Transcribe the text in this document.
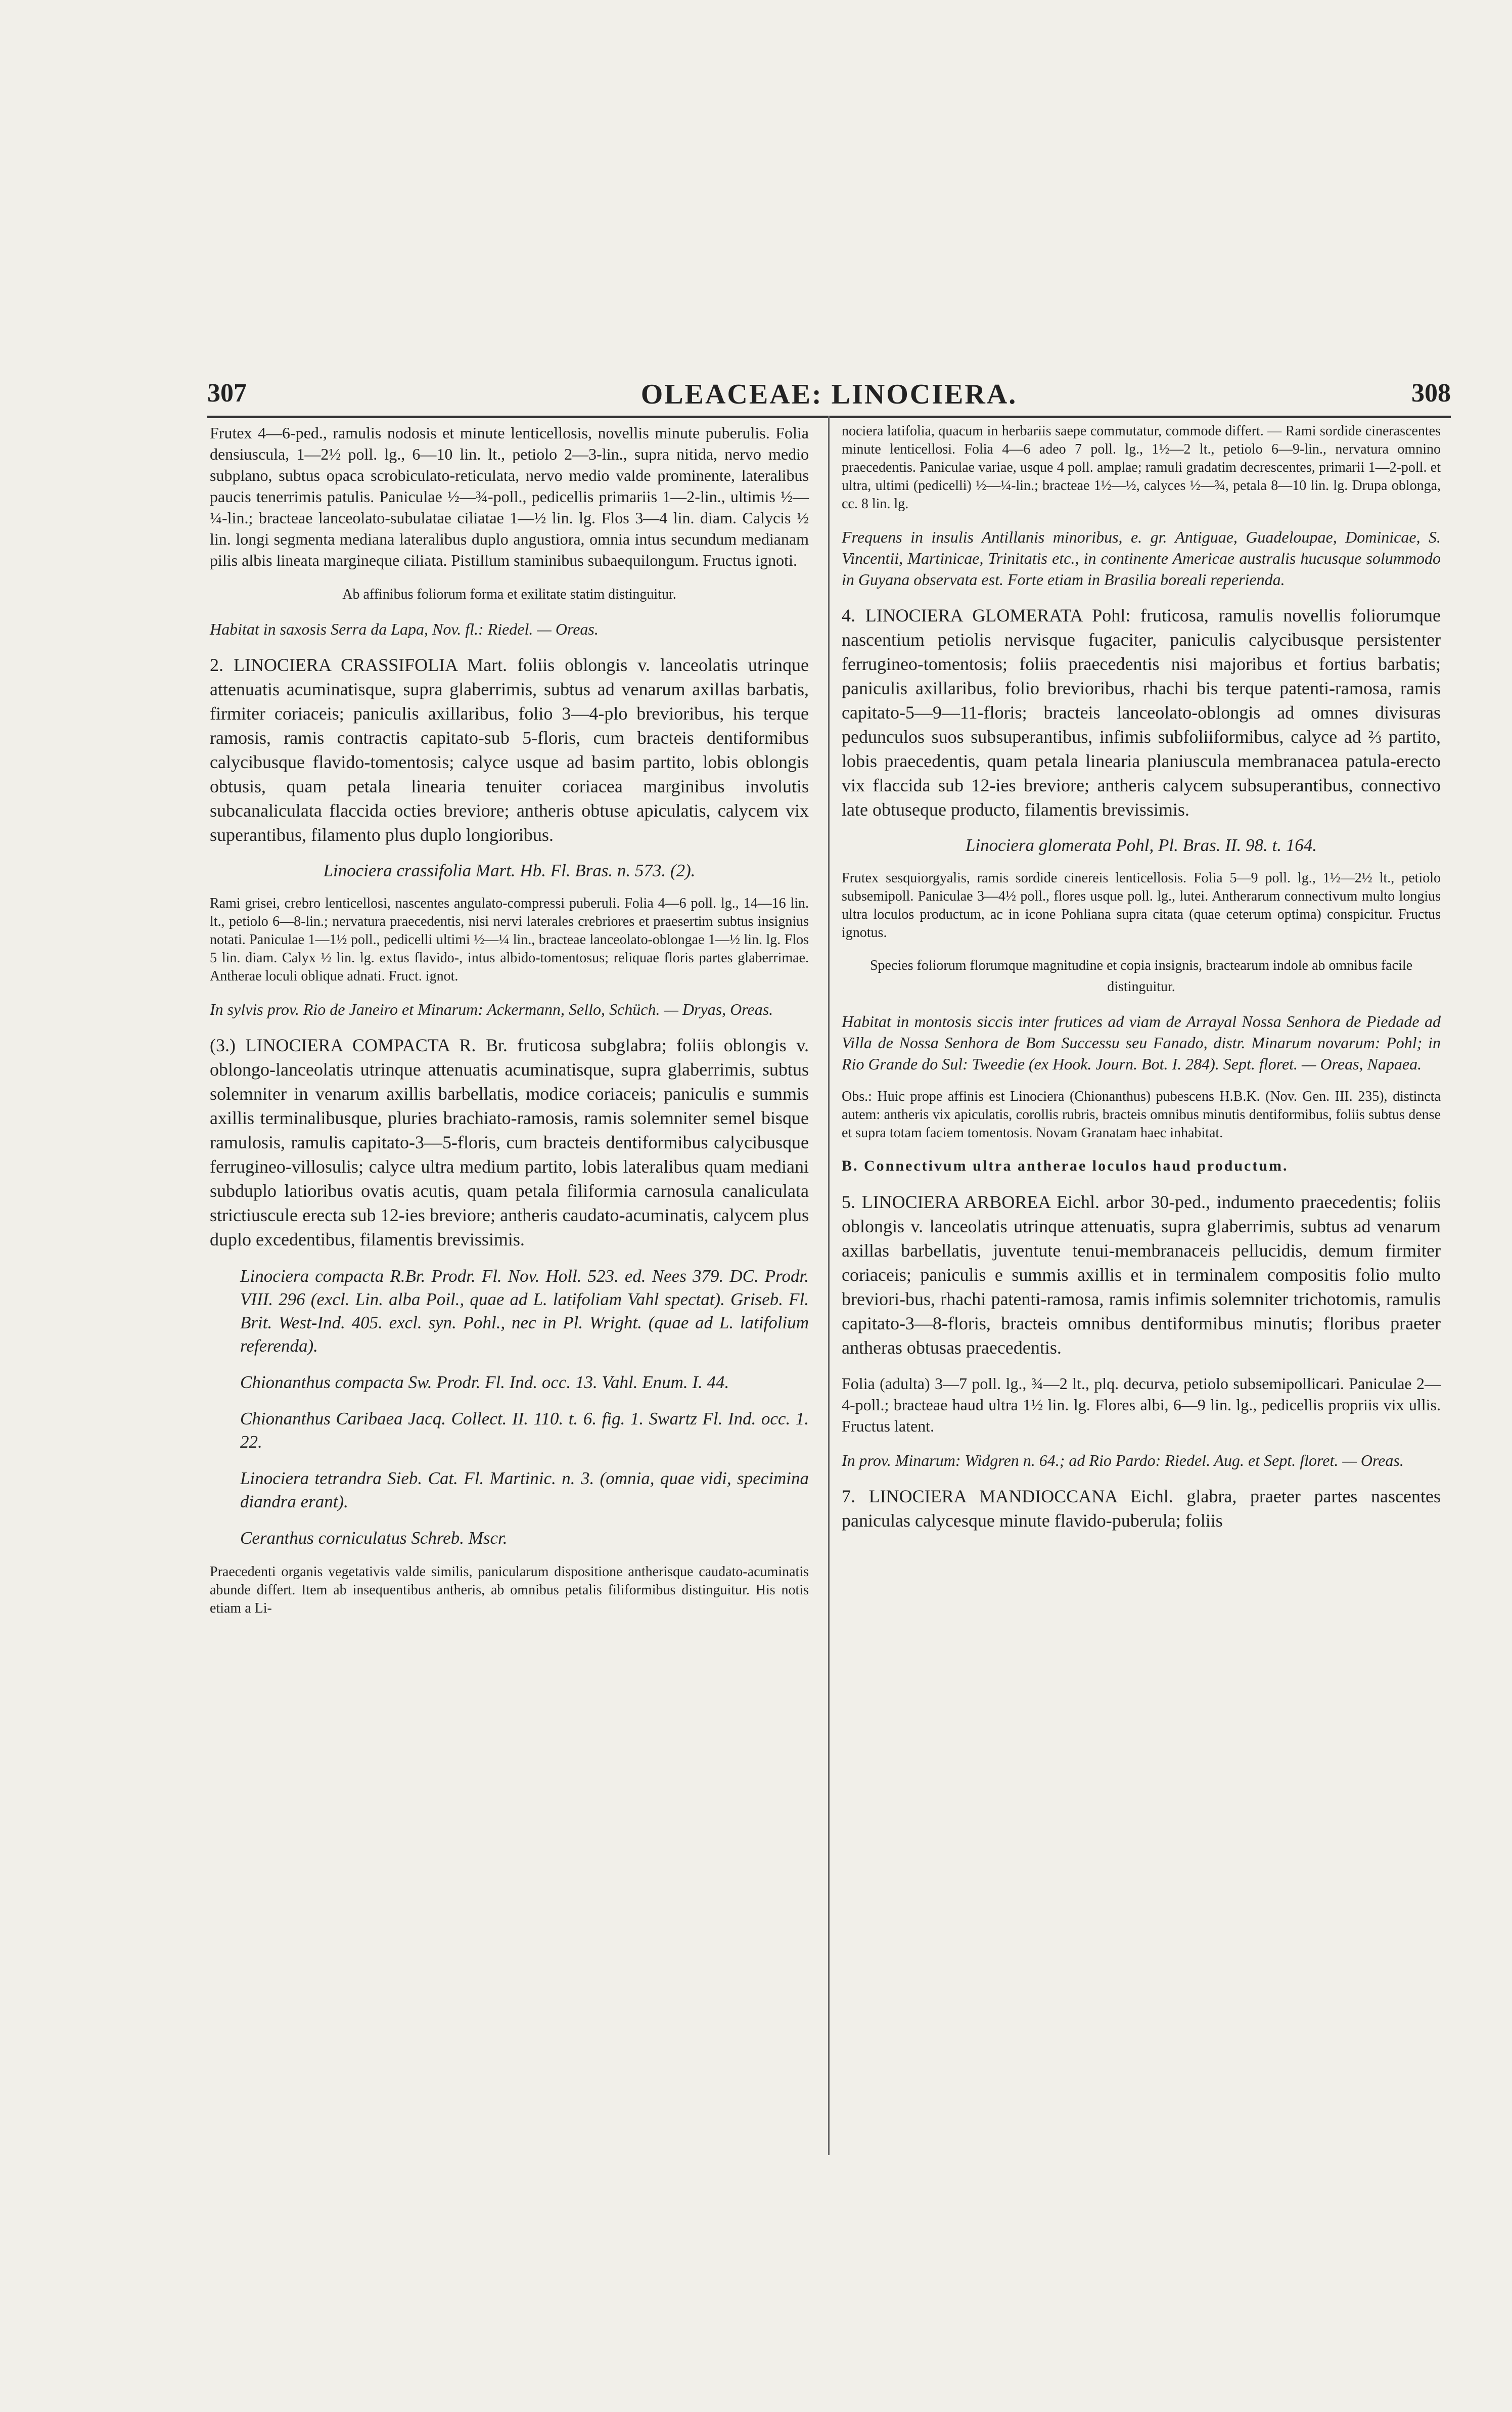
307	OLEACEAE: LINOCIERA.	308

Frutex 4—6-ped., ramulis nodosis et minute lenticellosis, novellis minute puberulis. Folia densiuscula, 1—2½ poll. lg., 6—10 lin. lt., petiolo 2—3-lin., supra nitida, nervo medio subplano, subtus opaca scrobiculato-reticulata, nervo medio valde prominente, lateralibus paucis tenerrimis patulis. Paniculae ½—¾-poll., pedicellis primariis 1—2-lin., ultimis ½—¼-lin.; bracteae lanceolato-subulatae ciliatae 1—½ lin. lg. Flos 3—4 lin. diam. Calycis ½ lin. longi segmenta mediana lateralibus duplo angustiora, omnia intus secundum medianam pilis albis lineata margineque ciliata. Pistillum staminibus subaequilongum. Fructus ignoti.

Ab affinibus foliorum forma et exilitate statim distinguitur.

Habitat in saxosis Serra da Lapa, Nov. fl.: Riedel. — Oreas.

2. LINOCIERA CRASSIFOLIA Mart. foliis oblongis v. lanceolatis utrinque attenuatis acuminatisque, supra glaberrimis, subtus ad venarum axillas barbatis, firmiter coriaceis; paniculis axillaribus, folio 3—4-plo brevioribus, his terque ramosis, ramis contractis capitato-sub 5-floris, cum bracteis dentiformibus calycibusque flavido-tomentosis; calyce usque ad basim partito, lobis oblongis obtusis, quam petala linearia tenuiter coriacea marginibus involutis subcanaliculata flaccida octies breviore; antheris obtuse apiculatis, calycem vix superantibus, filamento plus duplo longioribus.

Linociera crassifolia Mart. Hb. Fl. Bras. n. 573. (2).

Rami grisei, crebro lenticellosi, nascentes angulato-compressi puberuli. Folia 4—6 poll. lg., 14—16 lin. lt., petiolo 6—8-lin.; nervatura praecedentis, nisi nervi laterales crebriores et praesertim subtus insignius notati. Paniculae 1—1½ poll., pedicelli ultimi ½—¼ lin., bracteae lanceolato-oblongae 1—½ lin. lg. Flos 5 lin. diam. Calyx ½ lin. lg. extus flavido-, intus albido-tomentosus; reliquae floris partes glaberrimae. Antherae loculi oblique adnati. Fruct. ignot.

In sylvis prov. Rio de Janeiro et Minarum: Ackermann, Sello, Schüch. — Dryas, Oreas.

(3.) LINOCIERA COMPACTA R. Br. fruticosa subglabra; foliis oblongis v. oblongo-lanceolatis utrinque attenuatis acuminatisque, supra glaberrimis, subtus solemniter in venarum axillis barbellatis, modice coriaceis; paniculis e summis axillis terminalibusque, pluries brachiato-ramosis, ramis solemniter semel bisque ramulosis, ramulis capitato-3—5-floris, cum bracteis dentiformibus calycibusque ferrugineo-villosulis; calyce ultra medium partito, lobis lateralibus quam mediani subduplo latioribus ovatis acutis, quam petala filiformia carnosula canaliculata strictiuscule erecta sub 12-ies breviore; antheris caudato-acuminatis, calycem plus duplo excedentibus, filamentis brevissimis.

Linociera compacta R.Br. Prodr. Fl. Nov. Holl. 523. ed. Nees 379. DC. Prodr. VIII. 296 (excl. Lin. alba Poil., quae ad L. latifoliam Vahl spectat). Griseb. Fl. Brit. West-Ind. 405. excl. syn. Pohl., nec in Pl. Wright. (quae ad L. latifolium referenda).

Chionanthus compacta Sw. Prodr. Fl. Ind. occ. 13. Vahl. Enum. I. 44.

Chionanthus Caribaea Jacq. Collect. II. 110. t. 6. fig. 1. Swartz Fl. Ind. occ. 1. 22.

Linociera tetrandra Sieb. Cat. Fl. Martinic. n. 3. (omnia, quae vidi, specimina diandra erant).

Ceranthus corniculatus Schreb. Mscr.

Praecedenti organis vegetativis valde similis, panicularum dispositione antherisque caudato-acuminatis abunde differt. Item ab insequentibus antheris, ab omnibus petalis filiformibus distinguitur. His notis etiam a Li-

nociera latifolia, quacum in herbariis saepe commutatur, commode differt. — Rami sordide cinerascentes minute lenticellosi. Folia 4—6 adeo 7 poll. lg., 1½—2 lt., petiolo 6—9-lin., nervatura omnino praecedentis. Paniculae variae, usque 4 poll. amplae; ramuli gradatim decrescentes, primarii 1—2-poll. et ultra, ultimi (pedicelli) ½—¼-lin.; bracteae 1½—½, calyces ½—¾, petala 8—10 lin. lg. Drupa oblonga, cc. 8 lin. lg.

Frequens in insulis Antillanis minoribus, e. gr. Antiguae, Guadeloupae, Dominicae, S. Vincentii, Martinicae, Trinitatis etc., in continente Americae australis hucusque solummodo in Guyana observata est. Forte etiam in Brasilia boreali reperienda.

4. LINOCIERA GLOMERATA Pohl: fruticosa, ramulis novellis foliorumque nascentium petiolis nervisque fugaciter, paniculis calycibusque persistenter ferrugineo-tomentosis; foliis praecedentis nisi majoribus et fortius barbatis; paniculis axillaribus, folio brevioribus, rhachi bis terque patenti-ramosa, ramis capitato-5—9—11-floris; bracteis lanceolato-oblongis ad omnes divisuras pedunculos suos subsuperantibus, infimis subfoliiformibus, calyce ad ⅔ partito, lobis praecedentis, quam petala linearia planiuscula membranacea patula-erecto vix flaccida sub 12-ies breviore; antheris calycem subsuperantibus, connectivo late obtuseque producto, filamentis brevissimis.

Linociera glomerata Pohl, Pl. Bras. II. 98. t. 164.

Frutex sesquiorgyalis, ramis sordide cinereis lenticellosis. Folia 5—9 poll. lg., 1½—2½ lt., petiolo subsemipoll. Paniculae 3—4½ poll., flores usque poll. lg., lutei. Antherarum connectivum multo longius ultra loculos productum, ac in icone Pohliana supra citata (quae ceterum optima) conspicitur. Fructus ignotus.

Species foliorum florumque magnitudine et copia insignis, bractearum indole ab omnibus facile distinguitur.

Habitat in montosis siccis inter frutices ad viam de Arrayal Nossa Senhora de Piedade ad Villa de Nossa Senhora de Bom Successu seu Fanado, distr. Minarum novarum: Pohl; in Rio Grande do Sul: Tweedie (ex Hook. Journ. Bot. I. 284). Sept. floret. — Oreas, Napaea.

Obs.: Huic prope affinis est Linociera (Chionanthus) pubescens H.B.K. (Nov. Gen. III. 235), distincta autem: antheris vix apiculatis, corollis rubris, bracteis omnibus minutis dentiformibus, foliis subtus dense et supra totam faciem tomentosis. Novam Granatam haec inhabitat.

B. Connectivum ultra antherae loculos haud productum.

5. LINOCIERA ARBOREA Eichl. arbor 30-ped., indumento praecedentis; foliis oblongis v. lanceolatis utrinque attenuatis, supra glaberrimis, subtus ad venarum axillas barbellatis, juventute tenui-membranaceis pellucidis, demum firmiter coriaceis; paniculis e summis axillis et in terminalem compositis folio multo breviori-bus, rhachi patenti-ramosa, ramis infimis solemniter trichotomis, ramulis capitato-3—8-floris, bracteis omnibus dentiformibus minutis; floribus praeter antheras obtusas praecedentis.

Folia (adulta) 3—7 poll. lg., ¾—2 lt., plq. decurva, petiolo subsemipollicari. Paniculae 2—4-poll.; bracteae haud ultra 1½ lin. lg. Flores albi, 6—9 lin. lg., pedicellis propriis vix ullis. Fructus latent.

In prov. Minarum: Widgren n. 64.; ad Rio Pardo: Riedel. Aug. et Sept. floret. — Oreas.

7. LINOCIERA MANDIOCCANA Eichl. glabra, praeter partes nascentes paniculas calycesque minute flavido-puberula; foliis
